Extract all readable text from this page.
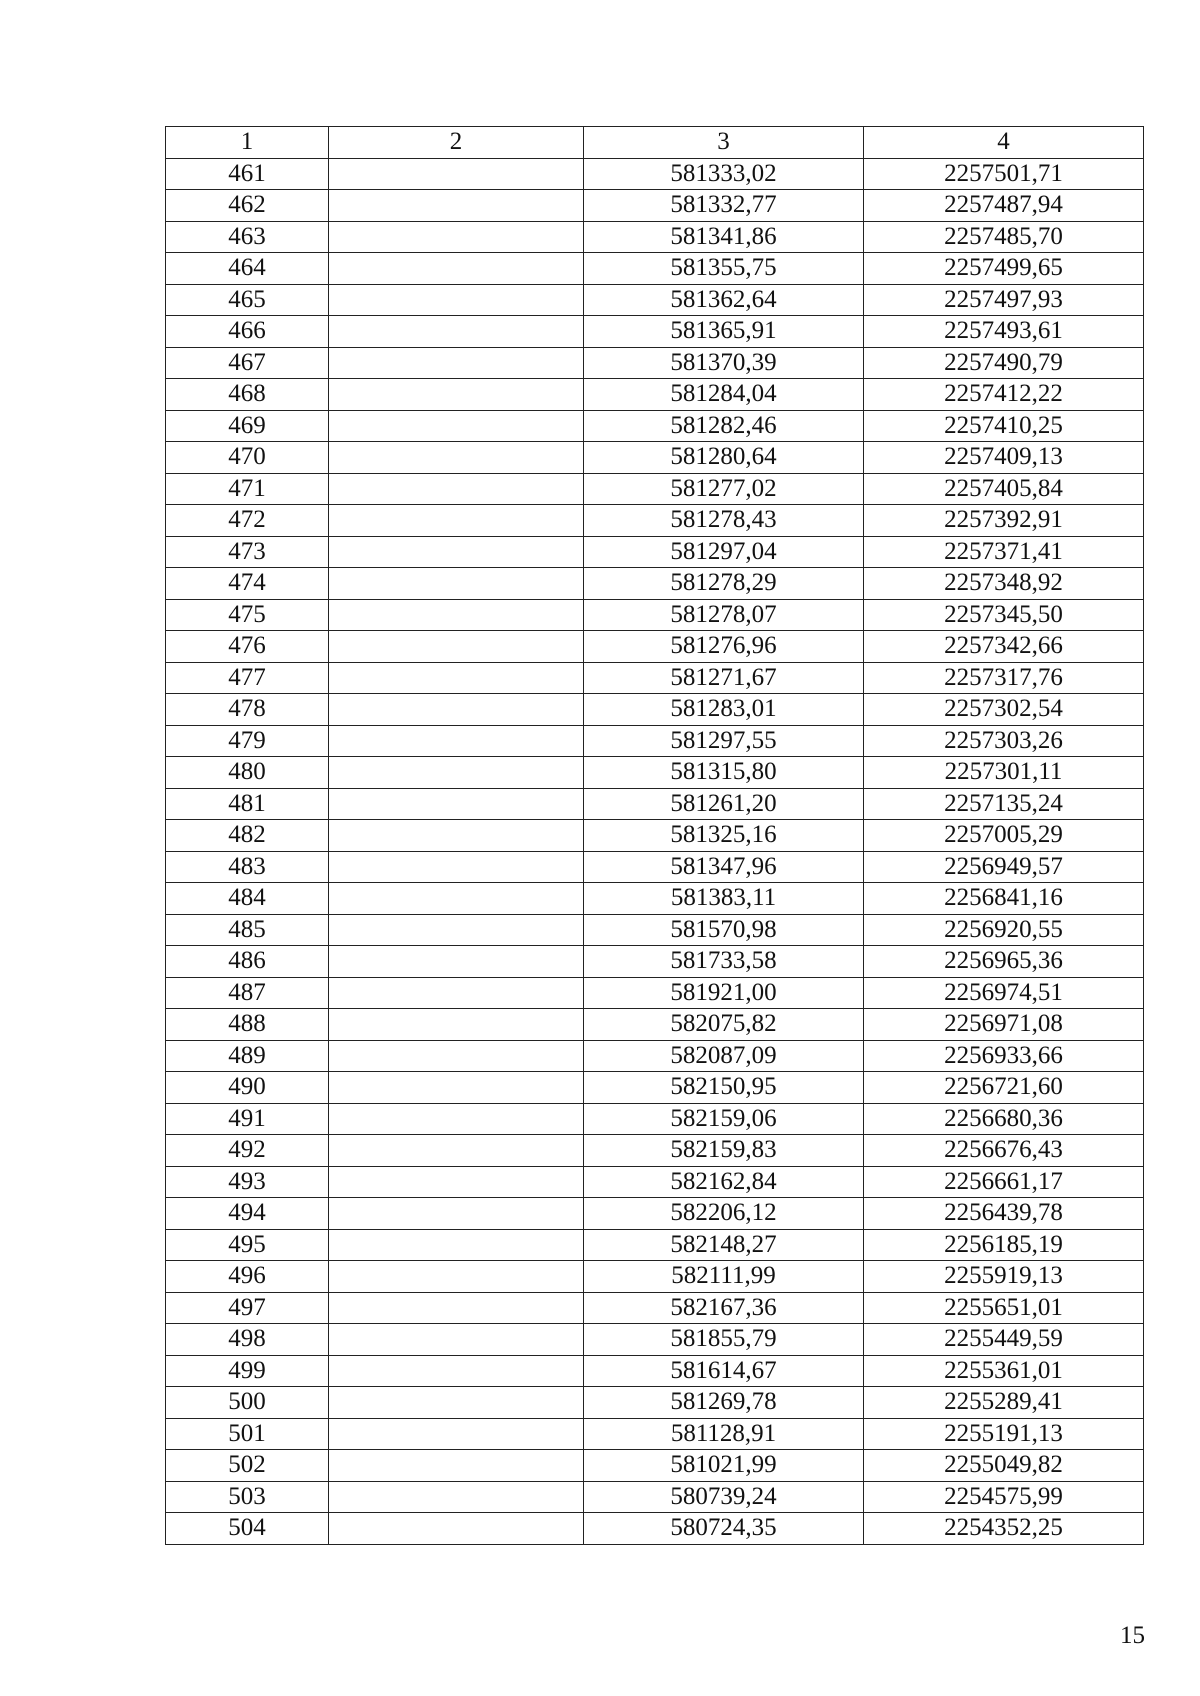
1	2	3	4
461		581333,02	2257501,71
462		581332,77	2257487,94
463		581341,86	2257485,70
464		581355,75	2257499,65
465		581362,64	2257497,93
466		581365,91	2257493,61
467		581370,39	2257490,79
468		581284,04	2257412,22
469		581282,46	2257410,25
470		581280,64	2257409,13
471		581277,02	2257405,84
472		581278,43	2257392,91
473		581297,04	2257371,41
474		581278,29	2257348,92
475		581278,07	2257345,50
476		581276,96	2257342,66
477		581271,67	2257317,76
478		581283,01	2257302,54
479		581297,55	2257303,26
480		581315,80	2257301,11
481		581261,20	2257135,24
482		581325,16	2257005,29
483		581347,96	2256949,57
484		581383,11	2256841,16
485		581570,98	2256920,55
486		581733,58	2256965,36
487		581921,00	2256974,51
488		582075,82	2256971,08
489		582087,09	2256933,66
490		582150,95	2256721,60
491		582159,06	2256680,36
492		582159,83	2256676,43
493		582162,84	2256661,17
494		582206,12	2256439,78
495		582148,27	2256185,19
496		582111,99	2255919,13
497		582167,36	2255651,01
498		581855,79	2255449,59
499		581614,67	2255361,01
500		581269,78	2255289,41
501		581128,91	2255191,13
502		581021,99	2255049,82
503		580739,24	2254575,99
504		580724,35	2254352,25
15
